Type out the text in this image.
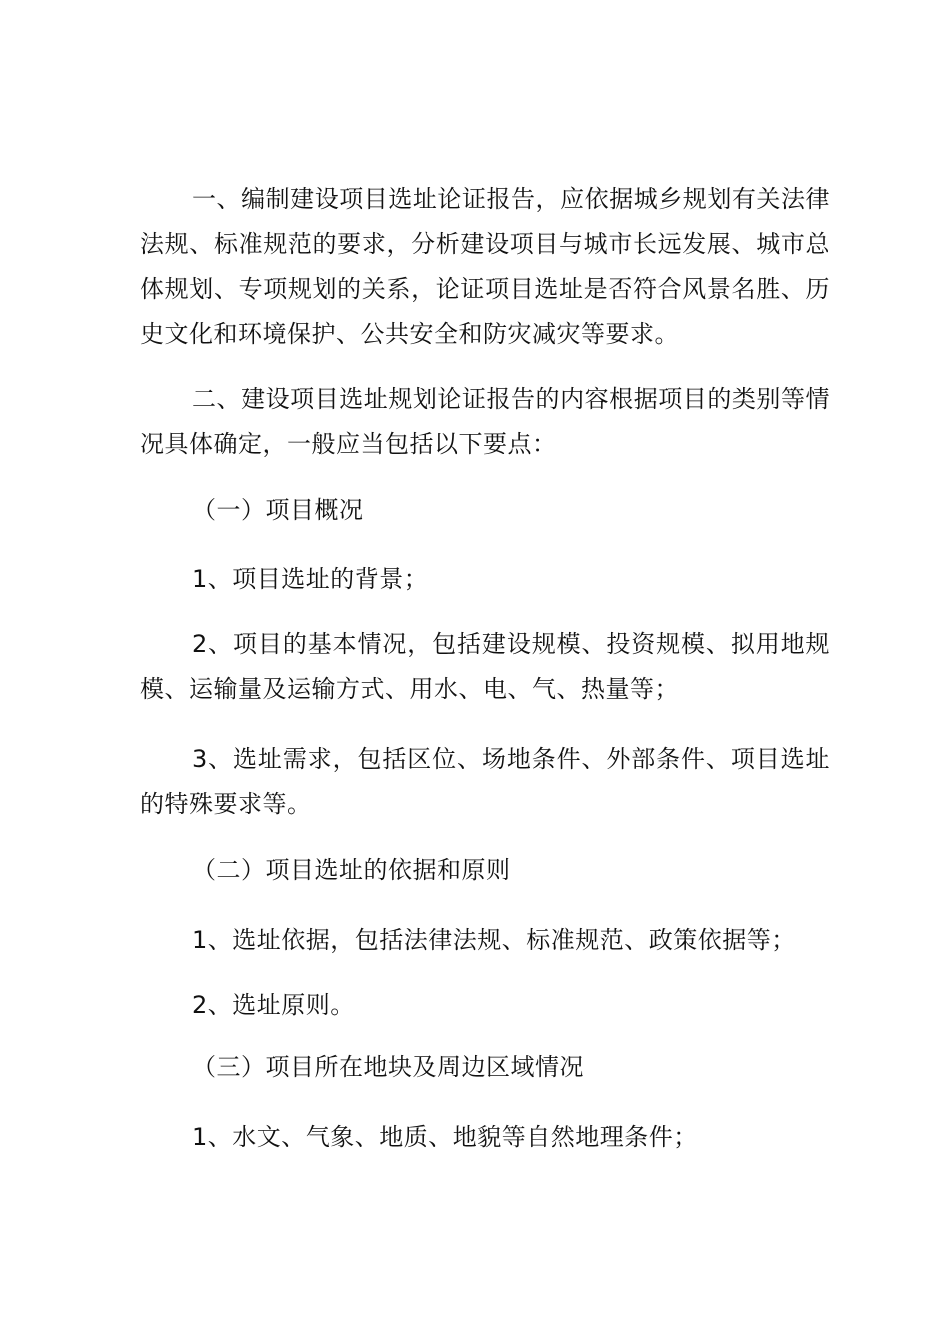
一、编制建设项目选址论证报告，应依据城乡规划有关法律法规、标准规范的要求，分析建设项目与城市长远发展、城市总体规划、专项规划的关系，论证项目选址是否符合风景名胜、历史文化和环境保护、公共安全和防灾减灾等要求。

二、建设项目选址规划论证报告的内容根据项目的类别等情况具体确定，一般应当包括以下要点：

（一）项目概况

1、项目选址的背景；

2、项目的基本情况，包括建设规模、投资规模、拟用地规模、运输量及运输方式、用水、电、气、热量等；

3、选址需求，包括区位、场地条件、外部条件、项目选址的特殊要求等。

（二）项目选址的依据和原则

1、选址依据，包括法律法规、标准规范、政策依据等；

2、选址原则。

（三）项目所在地块及周边区域情况

1、水文、气象、地质、地貌等自然地理条件；
